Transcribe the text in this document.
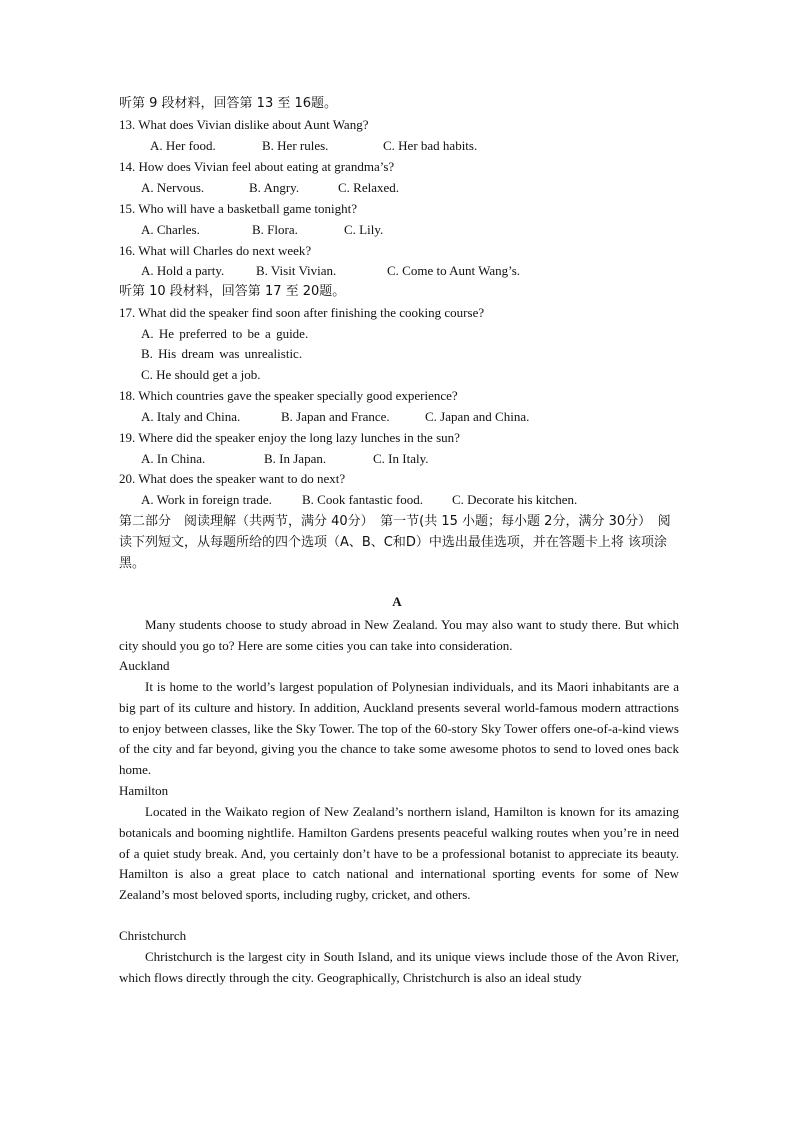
听第 9 段材料，回答第 13 至 16题。
13. What does Vivian dislike about Aunt Wang?
A. Her food.	B. Her rules.	C. Her bad habits.
14. How does Vivian feel about eating at grandma’s?
A. Nervous.	B. Angry.	C. Relaxed.
15. Who will have a basketball game tonight?
A. Charles.	B. Flora.	C. Lily.
16. What will Charles do next week?
A. Hold a party. B. Visit Vivian.	C. Come to Aunt Wang’s.
听第 10 段材料，回答第 17 至 20题。
17. What did the speaker find soon after finishing the cooking course?
A. He preferred to be a guide.
B. His dream was unrealistic.
C. He should get a job.
18. Which countries gave the speaker specially good experience?
A. Italy and China.	B. Japan and France.	C. Japan and China.
19. Where did the speaker enjoy the long lazy lunches in the sun?
A. In China.	B. In Japan.	C. In Italy.
20. What does the speaker want to do next?
A. Work in foreign trade. B. Cook fantastic food. C. Decorate his kitchen.
第二部分　阅读理解（共两节，满分 40分）　第一节(共 15 小题；每小题 2分，满分 30分）　阅读下列短文，从每题所给的四个选项（A、B、C和D）中选出最佳选项，并在答题卡上将 该项涂黑。
A
Many students choose to study abroad in New Zealand. You may also want to study there. But which city should you go to? Here are some cities you can take into consideration.
Auckland
It is home to the world’s largest population of Polynesian individuals, and its Maori inhabitants are a big part of its culture and history. In addition, Auckland presents several world-famous modern attractions to enjoy between classes, like the Sky Tower. The top of the 60-story Sky Tower offers one-of-a-kind views of the city and far beyond, giving you the chance to take some awesome photos to send to loved ones back home.
Hamilton
Located in the Waikato region of New Zealand’s northern island, Hamilton is known for its amazing botanicals and booming nightlife. Hamilton Gardens presents peaceful walking routes when you’re in need of a quiet study break. And, you certainly don’t have to be a professional botanist to appreciate its beauty. Hamilton is also a great place to catch national and international sporting events for some of New Zealand’s most beloved sports, including rugby, cricket, and others.
Christchurch
Christchurch is the largest city in South Island, and its unique views include those of the Avon River, which flows directly through the city. Geographically, Christchurch is also an ideal study
